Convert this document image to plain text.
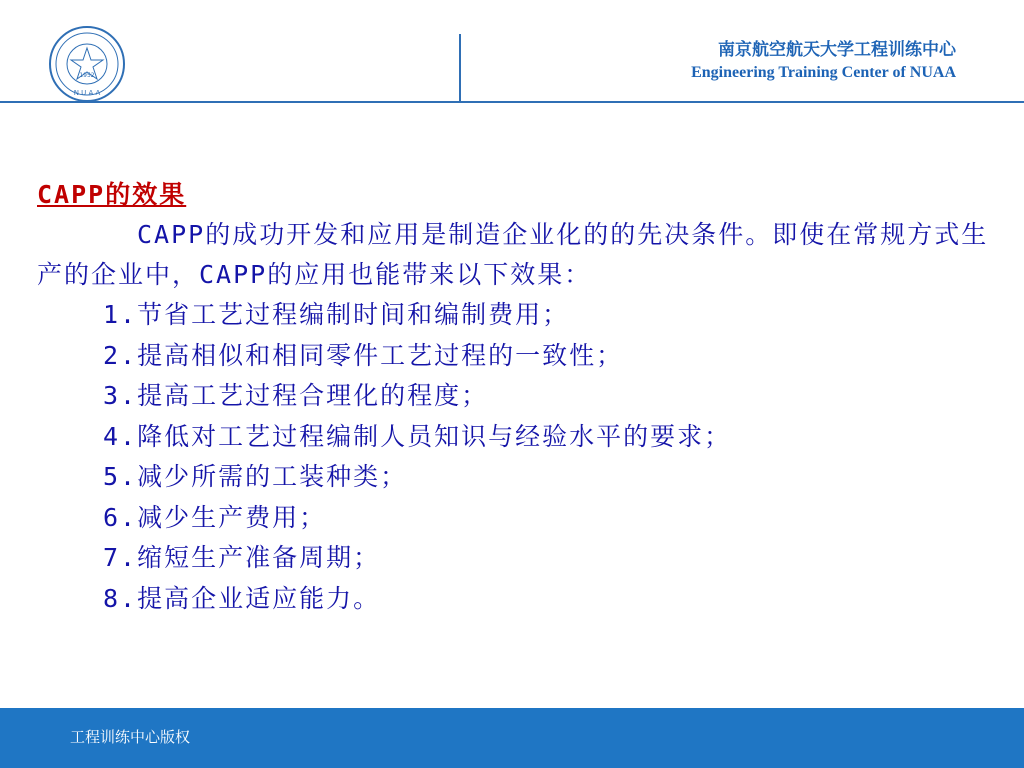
1952
N U A A
南京航空航天大学工程训练中心
Engineering Training Center of NUAA
CAPP的效果
CAPP的成功开发和应用是制造企业化的的先决条件。即使在常规方式生产的企业中，CAPP的应用也能带来以下效果：
1.节省工艺过程编制时间和编制费用；
2.提高相似和相同零件工艺过程的一致性；
3.提高工艺过程合理化的程度；
4.降低对工艺过程编制人员知识与经验水平的要求；
5.减少所需的工装种类；
6.减少生产费用；
7.缩短生产准备周期；
8.提高企业适应能力。
工程训练中心版权
